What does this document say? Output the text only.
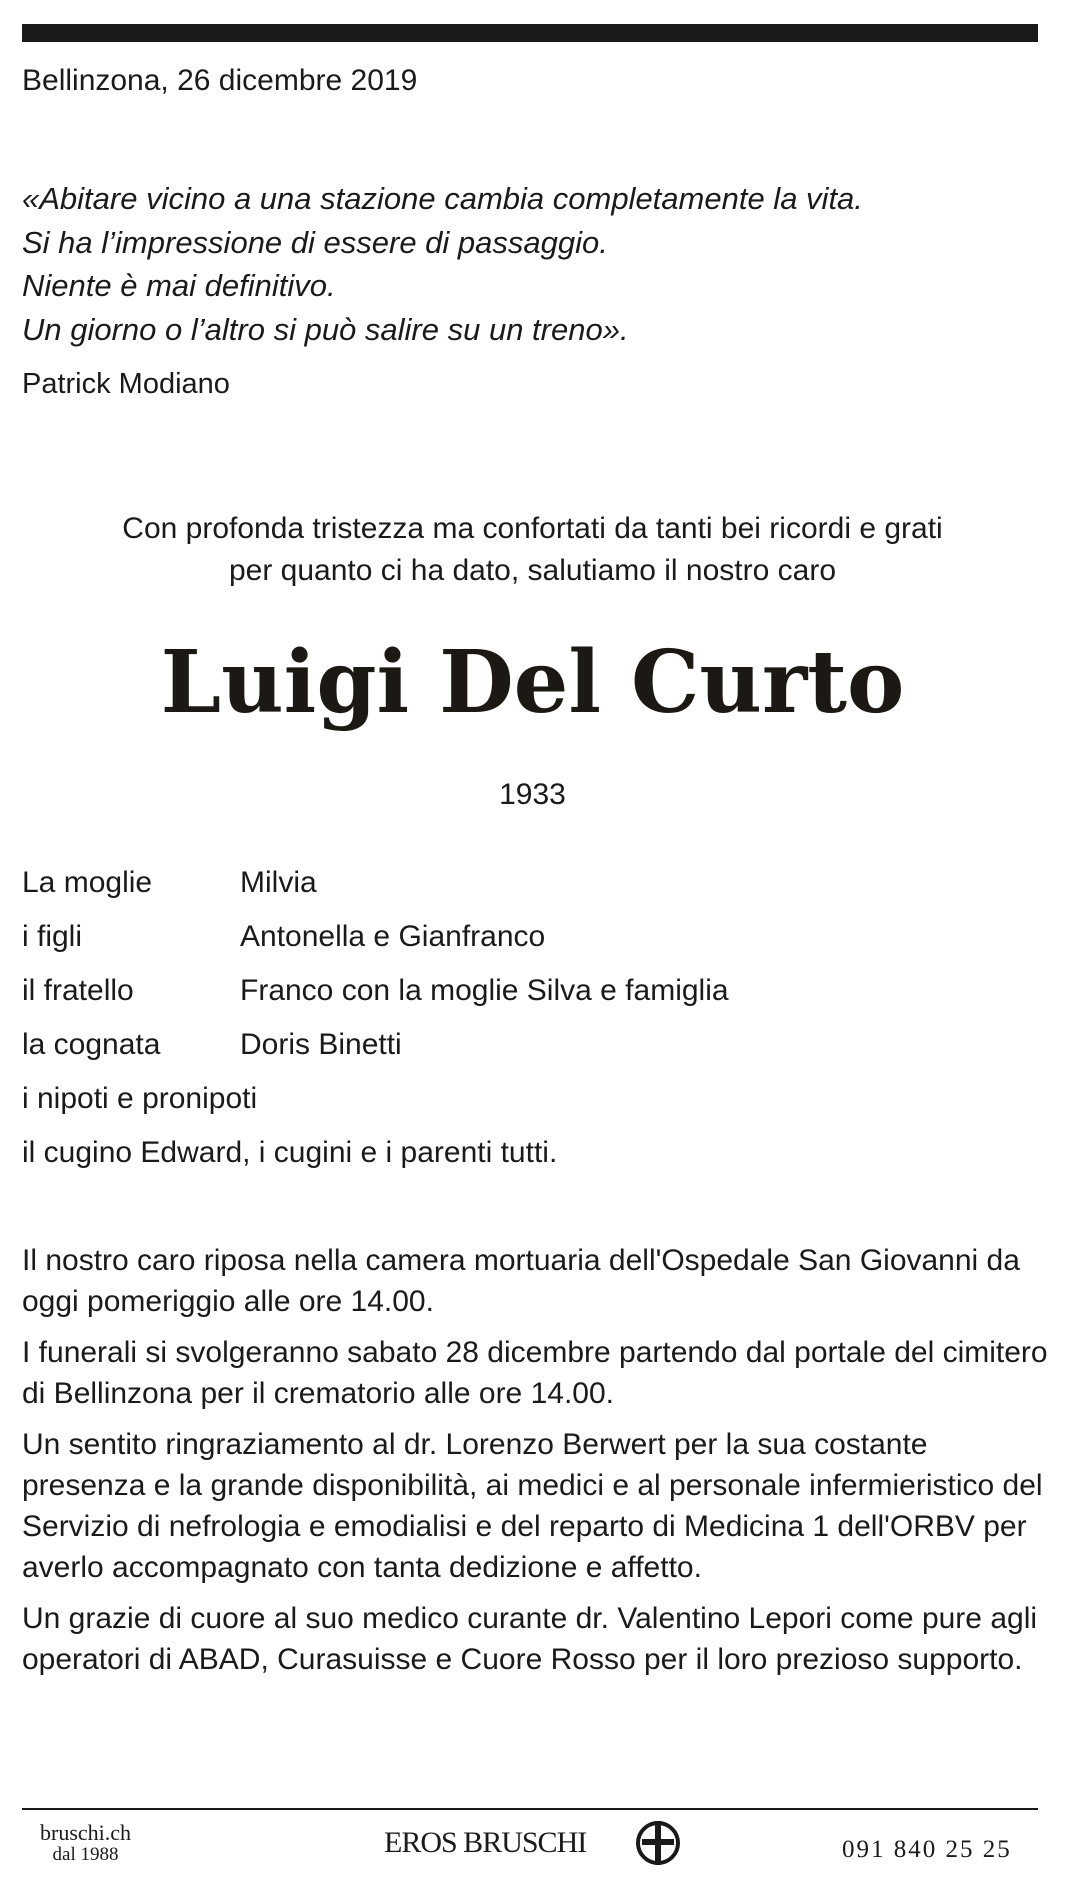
Bellinzona, 26 dicembre 2019
«Abitare vicino a una stazione cambia completamente la vita.
Si ha l’impressione di essere di passaggio.
Niente è mai definitivo.
Un giorno o l’altro si può salire su un treno».
Patrick Modiano
Con profonda tristezza ma confortati da tanti bei ricordi e grati
per quanto ci ha dato, salutiamo il nostro caro
Luigi Del Curto
1933
La moglie	Milvia
i figli	Antonella e Gianfranco
il fratello	Franco con la moglie Silva e famiglia
la cognata	Doris Binetti
i nipoti e pronipoti
il cugino Edward, i cugini e i parenti tutti.

Il nostro caro riposa nella camera mortuaria dell'Ospedale San Giovanni da oggi pomeriggio alle ore 14.00.

I funerali si svolgeranno sabato 28 dicembre partendo dal portale del cimitero di Bellinzona per il crematorio alle ore 14.00.

Un sentito ringraziamento al dr. Lorenzo Berwert per la sua costante presenza e la grande disponibilità, ai medici e al personale infermieristico del Servizio di nefrologia e emodialisi e del reparto di Medicina 1 dell'ORBV per averlo accompagnato con tanta dedizione e affetto.

Un grazie di cuore al suo medico curante dr. Valentino Lepori come pure agli operatori di ABAD, Curasuisse e Cuore Rosso per il loro prezioso supporto.

bruschi.ch
dal 1988	EROS BRUSCHI	091 840 25 25
